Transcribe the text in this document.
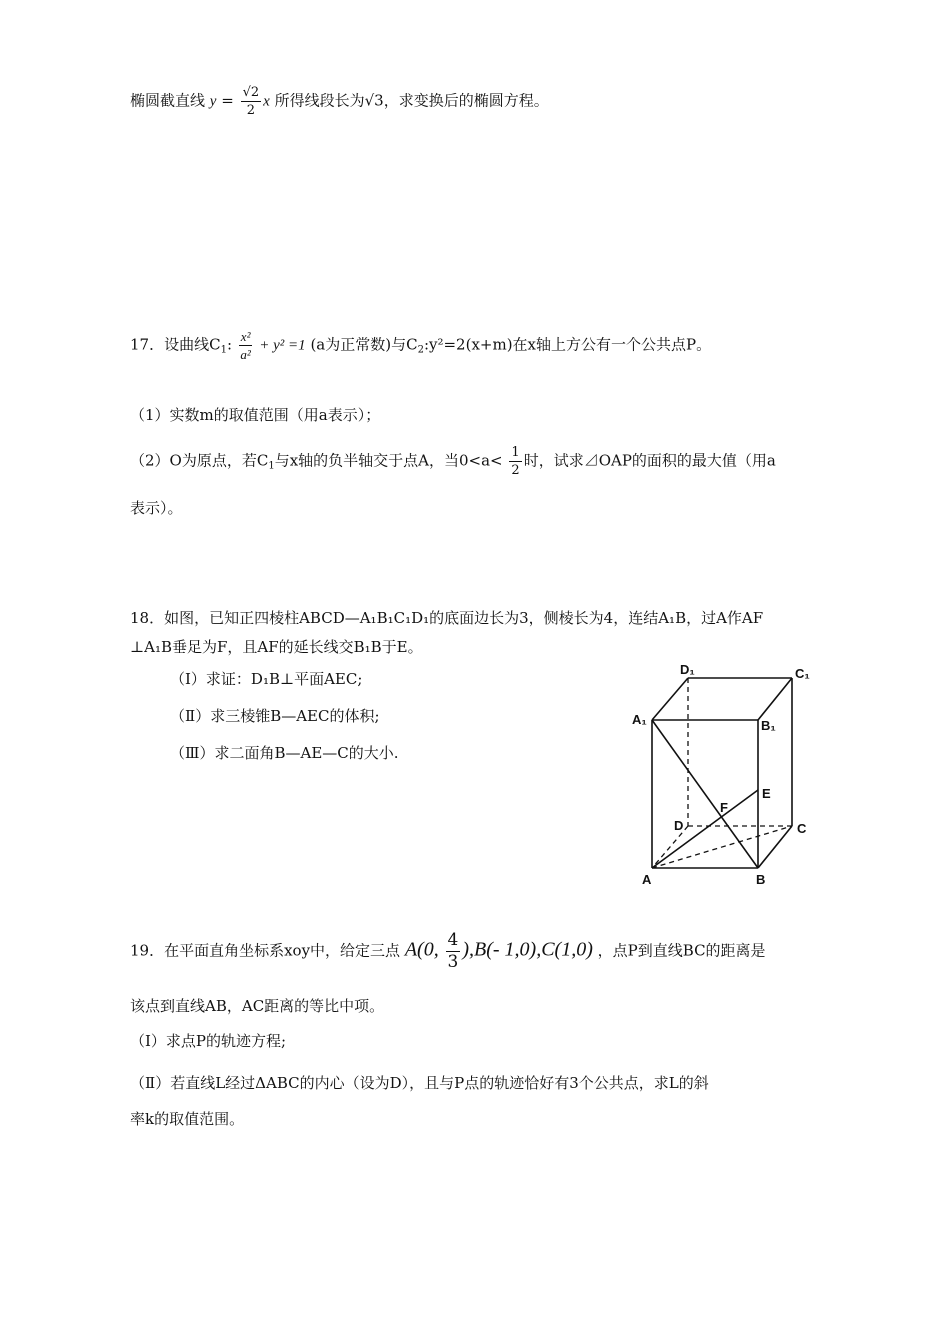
椭圆截直线 $y = \frac{√2}{2}$ x 所得线段长为√3，求变换后的椭圆方程。
17．设曲线$C_1$: $\frac{\text{x²}}{\text{a²}} + y^2 =1$ (a为正常数)与$C_2:y^2=2(x+m)$在x轴上方公有一个公共点P。
（1）实数m的取值范围（用a表示）；
（2）O为原点，若$C_1$与x轴的负半轴交于点A，当$0<a< \frac{1}{2}$ 时，试求⊿OAP的面积的最大值（用a
表示）。
18．如图，已知正四棱柱ABCD—A₁B₁C₁D₁的底面边长为3，侧棱长为4，连结A₁B，过A作AF
⊥A₁B垂足为F，且AF的延长线交B₁B于E。
（Ⅰ）求证：D₁B⊥平面AEC;
（Ⅱ）求三棱锥B—AEC的体积;
（Ⅲ）求二面角B—AE—C的大小.
D₁	C₁
A₁	B₁
E
F
D	C
A	B
19．在平面直角坐标系xoy中，给定三点 A(0, $\frac{4}{3} ),B(-$ 1,0),C(1,0) ，点P到直线BC的距离是
该点到直线AB，AC距离的等比中项。
（Ⅰ）求点P的轨迹方程;
（Ⅱ）若直线L经过ΔABC的内心（设为D），且与P点的轨迹恰好有3个公共点，求L的斜
率k的取值范围。
